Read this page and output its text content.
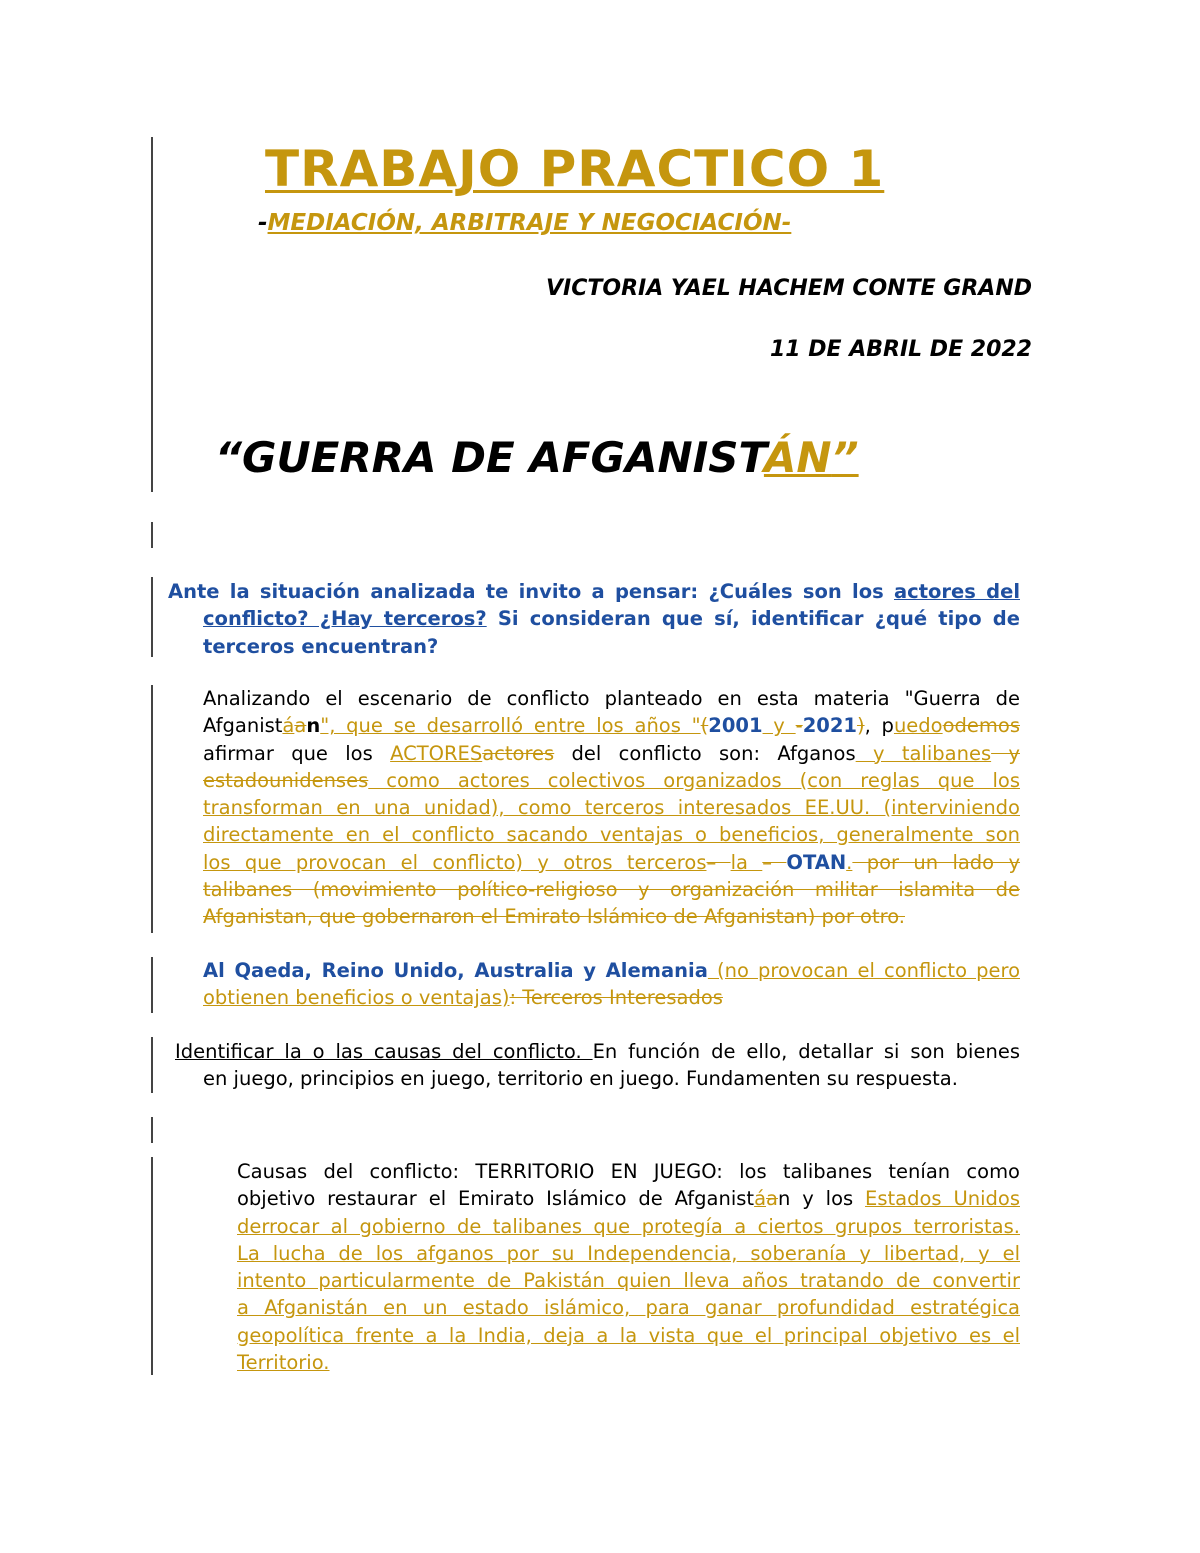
TRABAJO PRACTICO 1
-MEDIACIÓN, ARBITRAJE Y NEGOCIACIÓN-
VICTORIA YAEL HACHEM CONTE GRAND
11 DE ABRIL DE 2022
“GUERRA DE AFGANISTÁN”
Ante la situación analizada te invito a pensar: ¿Cuáles son los actores del
conflicto? ¿Hay terceros? Si consideran que sí, identificar ¿qué tipo de
terceros encuentran?
Analizando el escenario de conflicto planteado en esta materia "Guerra de
Afganistáan", que se desarrolló entre los años "(2001 y -2021), puedoodemos
afirmar que los ACTORESactores del conflicto son: Afganos y talibanes y
estadounidenses como actores colectivos organizados (con reglas que los
transforman en una unidad), como terceros interesados EE.UU. (interviniendo
directamente en el conflicto sacando ventajas o beneficios, generalmente son
los que provocan el conflicto) y otros terceros– la – OTAN. por un lado y
talibanes (movimiento político-religioso y organización militar islamita de
Afganistan, que gobernaron el Emirato Islámico de Afganistan) por otro.
Al Qaeda, Reino Unido, Australia y Alemania (no provocan el conflicto pero
obtienen beneficios o ventajas): Terceros Interesados
Identificar la o las causas del conflicto. En función de ello, detallar si son bienes
en juego, principios en juego, territorio en juego. Fundamenten su respuesta.
Causas del conflicto: TERRITORIO EN JUEGO: los talibanes tenían como
objetivo restaurar el Emirato Islámico de Afganistáan y los Estados Unidos
derrocar al gobierno de talibanes que protegía a ciertos grupos terroristas.
La lucha de los afganos por su Independencia, soberanía y libertad, y el
intento particularmente de Pakistán quien lleva años tratando de convertir
a Afganistán en un estado islámico, para ganar profundidad estratégica
geopolítica frente a la India, deja a la vista que el principal objetivo es el
Territorio.
